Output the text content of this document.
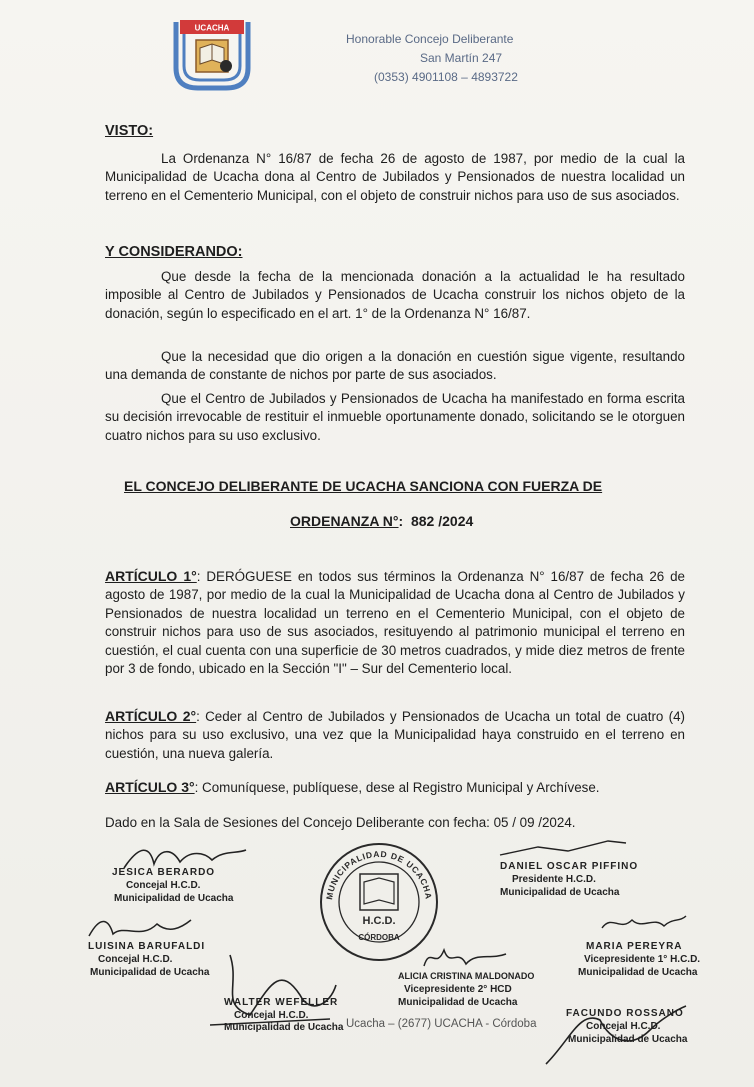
UCACHA
Honorable Concejo Deliberante
San Martín 247
(0353) 4901108 – 4893722
VISTO:
La Ordenanza N° 16/87 de fecha 26 de agosto de 1987, por medio de la cual la Municipalidad de Ucacha dona al Centro de Jubilados y Pensionados de nuestra localidad un terreno en el Cementerio Municipal, con el objeto de construir nichos para uso de sus asociados.
Y CONSIDERANDO:
Que desde la fecha de la mencionada donación a la actualidad le ha resultado imposible al Centro de Jubilados y Pensionados de Ucacha construir los nichos objeto de la donación, según lo especificado en el art. 1° de la Ordenanza N° 16/87.
Que la necesidad que dio origen a la donación en cuestión sigue vigente, resultando una demanda de constante de nichos por parte de sus asociados.
Que el Centro de Jubilados y Pensionados de Ucacha ha manifestado en forma escrita su decisión irrevocable de restituir el inmueble oportunamente donado, solicitando se le otorguen cuatro nichos para su uso exclusivo.
EL CONCEJO DELIBERANTE DE UCACHA SANCIONA CON FUERZA DE
ORDENANZA N°: 882 /2024
ARTÍCULO 1°: DERÓGUESE en todos sus términos la Ordenanza N° 16/87 de fecha 26 de agosto de 1987, por medio de la cual la Municipalidad de Ucacha dona al Centro de Jubilados y Pensionados de nuestra localidad un terreno en el Cementerio Municipal, con el objeto de construir nichos para uso de sus asociados, resituyendo al patrimonio municipal el terreno en cuestión, el cual cuenta con una superficie de 30 metros cuadrados, y mide diez metros de frente por 3 de fondo, ubicado en la Sección "I" – Sur del Cementerio local.
ARTÍCULO 2°: Ceder al Centro de Jubilados y Pensionados de Ucacha un total de cuatro (4) nichos para su uso exclusivo, una vez que la Municipalidad haya construido en el terreno en cuestión, una nueva galería.
ARTÍCULO 3°: Comuníquese, publíquese, dese al Registro Municipal y Archívese.
Dado en la Sala de Sesiones del Concejo Deliberante con fecha: 05 / 09 /2024.
MUNICIPALIDAD DE UCACHA
H.C.D.
CÓRDOBA
JESICA BERARDO
Concejal H.C.D.
Municipalidad de Ucacha
DANIEL OSCAR PIFFINO
Presidente H.C.D.
Municipalidad de Ucacha
LUISINA BARUFALDI
Concejal H.C.D.
Municipalidad de Ucacha
MARIA PEREYRA
Vicepresidente 1° H.C.D.
Municipalidad de Ucacha
ALICIA CRISTINA MALDONADO
Vicepresidente 2° HCD
Municipalidad de Ucacha
WALTER WEFELLER
Concejal H.C.D.	FACUNDO ROSSANO
Concejal H.C.D.
Municipalidad de Ucacha
Municipalidad de Ucacha Ucacha – (2677) UCACHA - Córdoba
